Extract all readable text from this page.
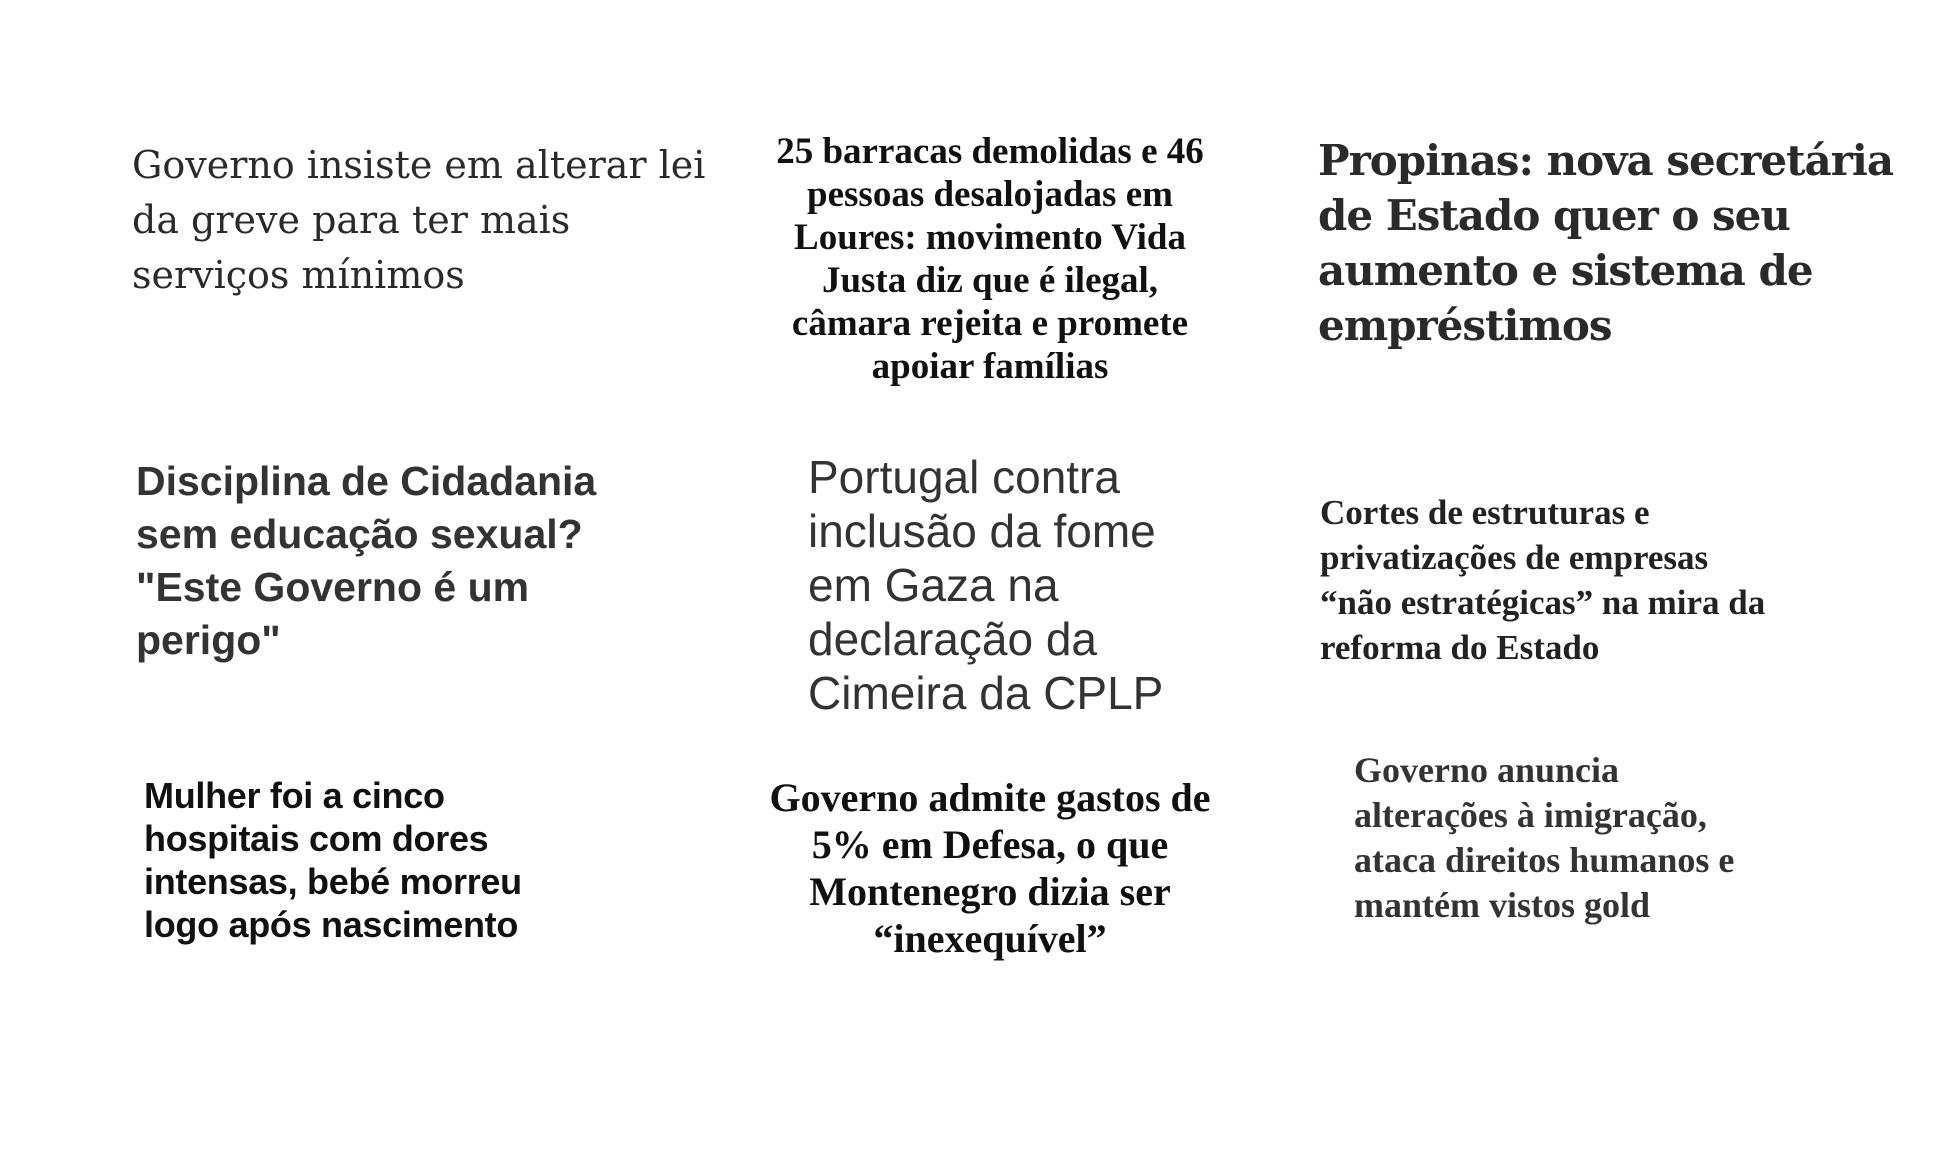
Governo insiste em alterar lei
da greve para ter mais
serviços mínimos
25 barracas demolidas e 46
pessoas desalojadas em
Loures: movimento Vida
Justa diz que é ilegal,
câmara rejeita e promete
apoiar famílias
Propinas: nova secretária
de Estado quer o seu
aumento e sistema de
empréstimos
Disciplina de Cidadania
sem educação sexual?
"Este Governo é um
perigo"
Portugal contra
inclusão da fome
em Gaza na
declaração da
Cimeira da CPLP
Cortes de estruturas e
privatizações de empresas
“não estratégicas” na mira da
reforma do Estado
Mulher foi a cinco
hospitais com dores
intensas, bebé morreu
logo após nascimento
Governo admite gastos de
5% em Defesa, o que
Montenegro dizia ser
“inexequível”
Governo anuncia
alterações à imigração,
ataca direitos humanos e
mantém vistos gold
